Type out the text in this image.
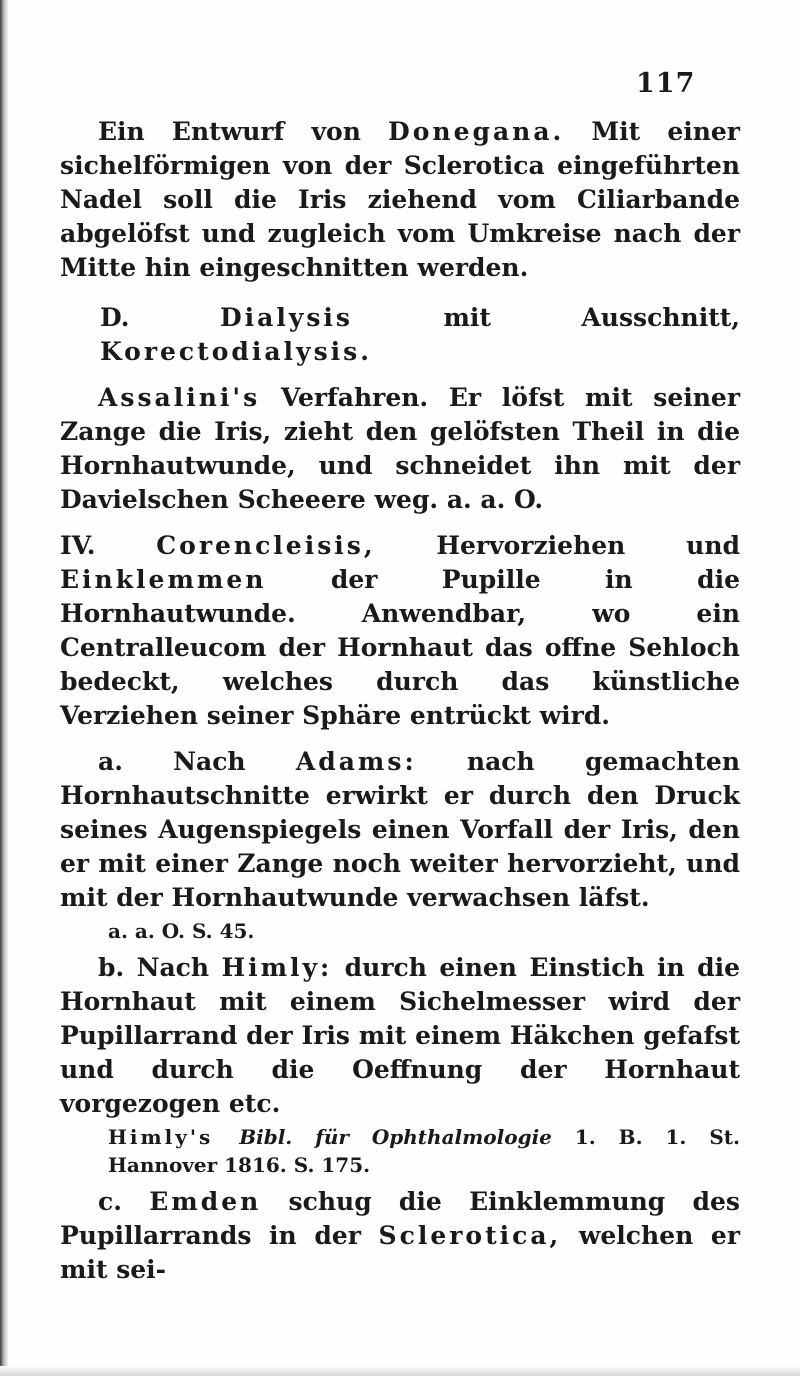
117

Ein Entwurf von Donegana. Mit einer sichelförmigen von der Sclerotica eingeführten Nadel soll die Iris ziehend vom Ciliarbande abgelöfst und zugleich vom Umkreise nach der Mitte hin eingeschnitten werden.

D. Dialysis mit Ausschnitt, Korectodialysis.

Assalini's Verfahren. Er löfst mit seiner Zange die Iris, zieht den gelöfsten Theil in die Hornhautwunde, und schneidet ihn mit der Davielschen Scheeere weg. a. a. O.

IV. Corencleisis, Hervorziehen und Einklemmen der Pupille in die Hornhautwunde. Anwendbar, wo ein Centralleucom der Hornhaut das offne Sehloch bedeckt, welches durch das künstliche Verziehen seiner Sphäre entrückt wird.

a. Nach Adams: nach gemachten Hornhautschnitte erwirkt er durch den Druck seines Augenspiegels einen Vorfall der Iris, den er mit einer Zange noch weiter hervorzieht, und mit der Hornhautwunde verwachsen läfst.

a. a. O. S. 45.

b. Nach Himly: durch einen Einstich in die Hornhaut mit einem Sichelmesser wird der Pupillarrand der Iris mit einem Häkchen gefafst und durch die Oeffnung der Hornhaut vorgezogen etc.

Himly's Bibl. für Ophthalmologie 1. B. 1. St. Hannover 1816. S. 175.

c. Emden schug die Einklemmung des Pupillarrands in der Sclerotica, welchen er mit sei-
